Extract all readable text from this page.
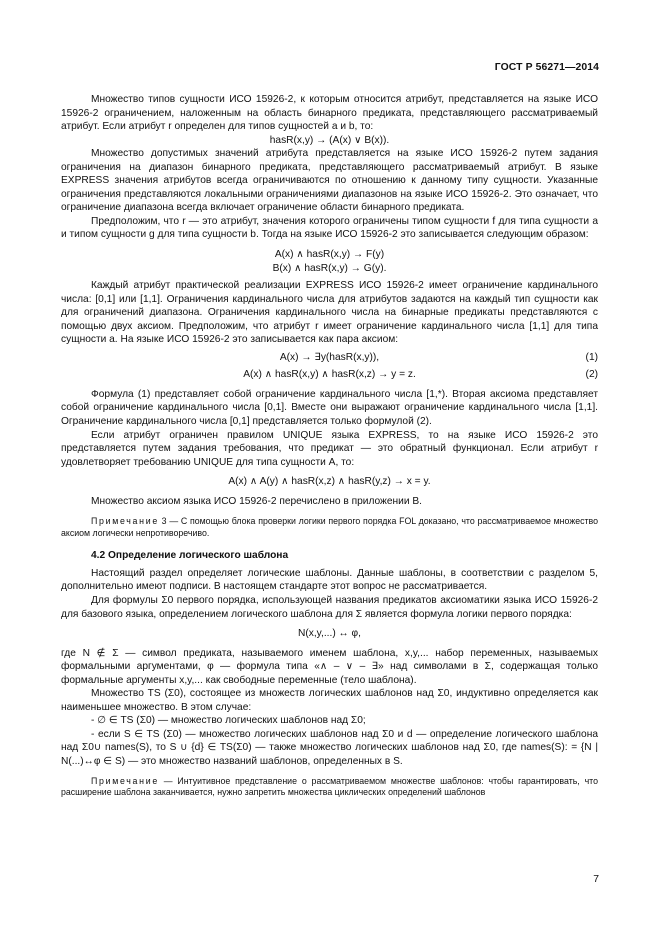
ГОСТ Р 56271—2014

Множество типов сущности ИСО 15926-2, к которым относится атрибут, представляется на языке ИСО 15926-2 ограничением, наложенным на область бинарного предиката, представляющего рассматриваемый атрибут. Если атрибут r определен для типов сущностей a и b, то:

hasR(x,y) → (A(x) ∨ B(x)).

Множество допустимых значений атрибута представляется на языке ИСО 15926-2 путем задания ограничения на диапазон бинарного предиката, представляющего рассматриваемый атрибут. В языке EXPRESS значения атрибутов всегда ограничиваются по отношению к данному типу сущности. Указанные ограничения представляются локальными ограничениями диапазонов на языке ИСО 15926-2. Это означает, что ограничение диапазона всегда включает ограничение области бинарного предиката.

Предположим, что r — это атрибут, значения которого ограничены типом сущности f для типа сущности a и типом сущности g для типа сущности b. Тогда на языке ИСО 15926-2 это записывается следующим образом:

A(x) ∧ hasR(x,y) → F(y)

B(x) ∧ hasR(x,y) → G(y).

Каждый атрибут практической реализации EXPRESS ИСО 15926-2 имеет ограничение кардинального числа: [0,1] или [1,1]. Ограничения кардинального числа для атрибутов задаются на каждый тип сущности как для ограничений диапазона. Ограничения кардинального числа на бинарные предикаты представляются с помощью двух аксиом. Предположим, что атрибут r имеет ограничение кардинального числа [1,1] для типа сущности a. На языке ИСО 15926-2 это записывается как пара аксиом:

A(x) → ∃y(hasR(x,y)),	(1)
A(x) ∧ hasR(x,y) ∧ hasR(x,z) → y = z.	(2)

Формула (1) представляет собой ограничение кардинального числа [1,*). Вторая аксиома представляет собой ограничение кардинального числа [0,1]. Вместе они выражают ограничение кардинального числа [1,1]. Ограничение кардинального числа [0,1] представляется только формулой (2).

Если атрибут ограничен правилом UNIQUE языка EXPRESS, то на языке ИСО 15926-2 это представляется путем задания требования, что предикат — это обратный функционал. Если атрибут r удовлетворяет требованию UNIQUE для типа сущности A, то:

A(x) ∧ A(y) ∧ hasR(x,z) ∧ hasR(y,z) → x = y.

Множество аксиом языка ИСО 15926-2 перечислено в приложении В.

Примечание 3 — С помощью блока проверки логики первого порядка FOL доказано, что рассматриваемое множество аксиом логически непротиворечиво.

4.2 Определение логического шаблона

Настоящий раздел определяет логические шаблоны. Данные шаблоны, в соответствии с разделом 5, дополнительно имеют подписи. В настоящем стандарте этот вопрос не рассматривается.

Для формулы Σ0 первого порядка, использующей названия предикатов аксиоматики языка ИСО 15926-2 для базового языка, определением логического шаблона для Σ является формула логики первого порядка:

N(x,y,...) ↔ φ,

где N ∉ Σ — символ предиката, называемого именем шаблона, x,y,... набор переменных, называемых формальными аргументами, φ — формула типа «∧ – ∨ – ∃» над символами в Σ, содержащая только формальные аргументы x,y,... как свободные переменные (тело шаблона).

Множество TS (Σ0), состоящее из множеств логических шаблонов над Σ0, индуктивно определяется как наименьшее множество. В этом случае:

- ∅ ∈ TS (Σ0) — множество логических шаблонов над Σ0;

- если S ∈ TS (Σ0) — множество логических шаблонов над Σ0 и d — определение логического шаблона над Σ0∪ names(S), то S ∪ {d} ∈ TS(Σ0) — также множество логических шаблонов над Σ0, где names(S): = {N | N(...)↔φ ∈ S) — это множество названий шаблонов, определенных в S.

Примечание — Интуитивное представление о рассматриваемом множестве шаблонов: чтобы гарантировать, что расширение шаблона заканчивается, нужно запретить множества циклических определений шаблонов

7
